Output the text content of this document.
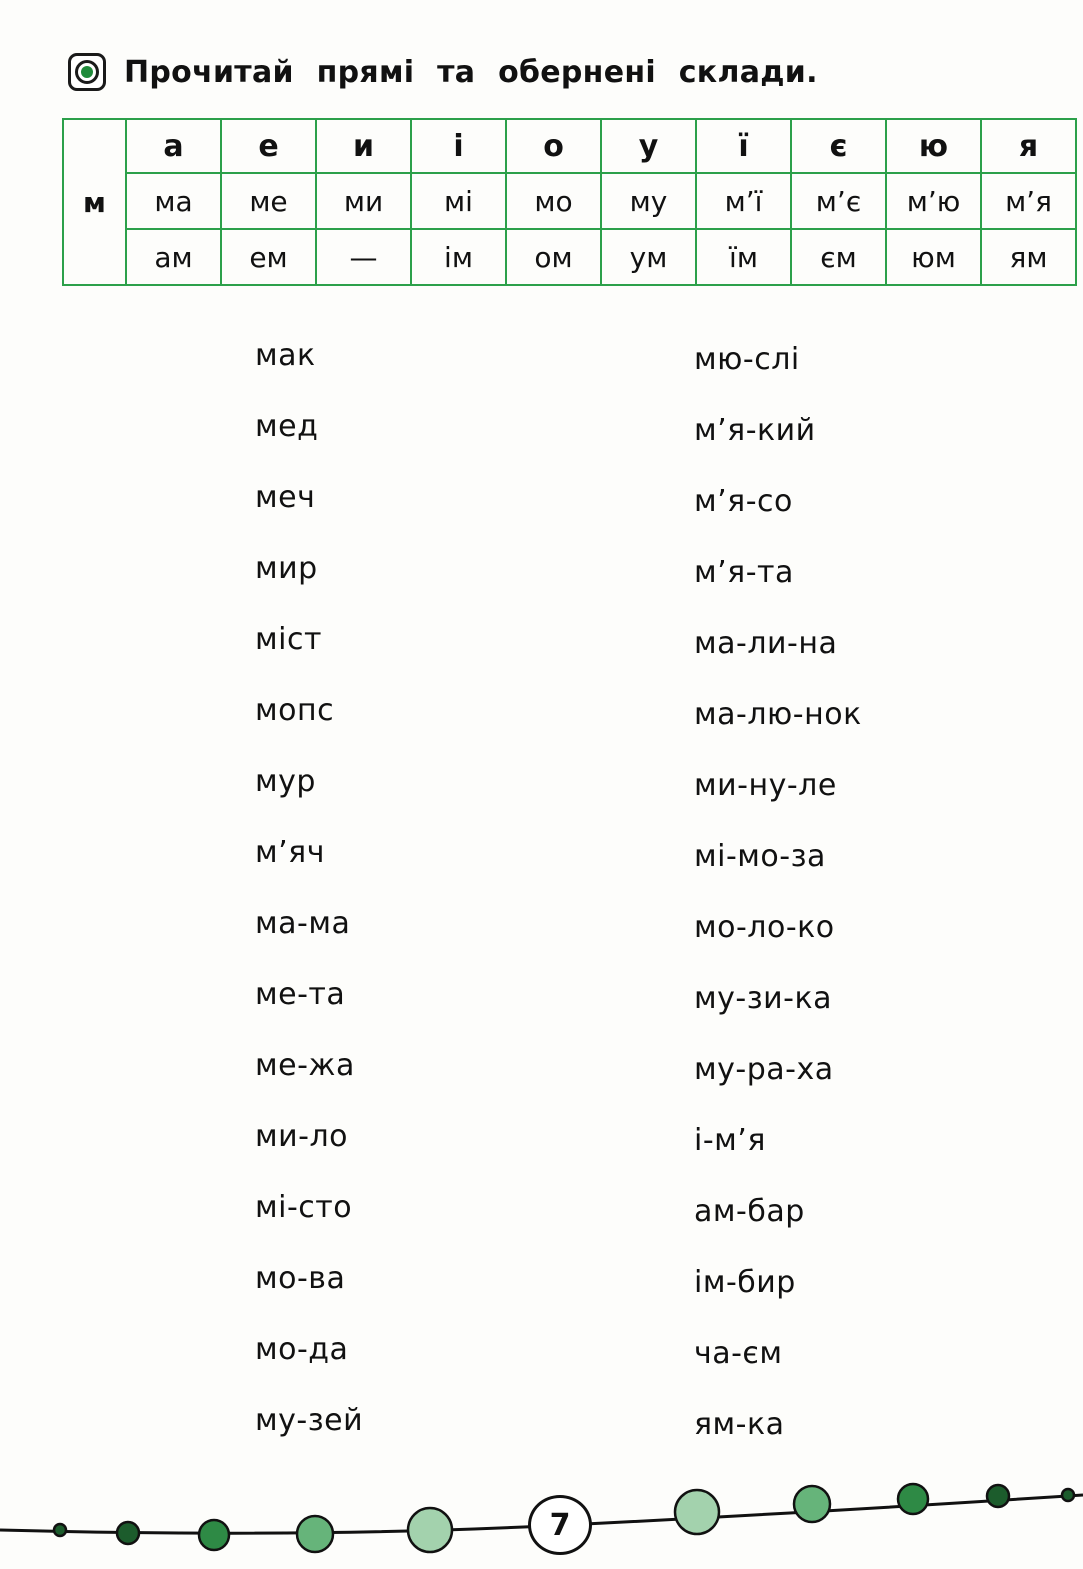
Прочитай прямі та обернені склади.
м	а	е	и	і	о	у	ї	є	ю	я
	ма	ме	ми	мі	мо	му	м’ї	м’є	м’ю	м’я
	ам	ем	—	ім	ом	ум	їм	єм	юм	ям
мак
мед
меч
мир
міст
мопс
мур
м’яч
ма-ма
ме-та
ме-жа
ми-ло
мі-сто
мо-ва
мо-да
му-зей
мю-слі
м’я-кий
м’я-со
м’я-та
ма-ли-на
ма-лю-нок
ми-ну-ле
мі-мо-за
мо-ло-ко
му-зи-ка
му-ра-ха
і-м’я
ам-бар
ім-бир
ча-єм
ям-ка
7
